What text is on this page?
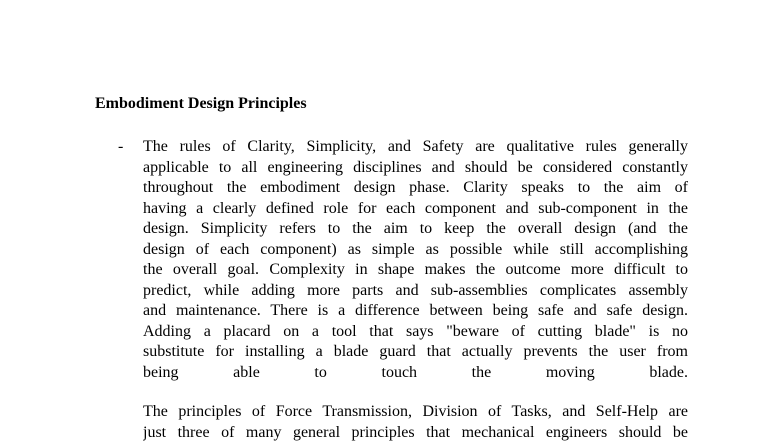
Embodiment Design Principles
- The rules of Clarity, Simplicity, and Safety are qualitative rules generally
applicable to all engineering disciplines and should be considered constantly
throughout the embodiment design phase. Clarity speaks to the aim of
having a clearly defined role for each component and sub-component in the
design. Simplicity refers to the aim to keep the overall design (and the
design of each component) as simple as possible while still accomplishing
the overall goal. Complexity in shape makes the outcome more difficult to
predict, while adding more parts and sub-assemblies complicates assembly
and maintenance. There is a difference between being safe and safe design.
Adding a placard on a tool that says "beware of cutting blade" is no
substitute for installing a blade guard that actually prevents the user from
being able to touch the moving blade.
The principles of Force Transmission, Division of Tasks, and Self-Help are
just three of many general principles that mechanical engineers should be
